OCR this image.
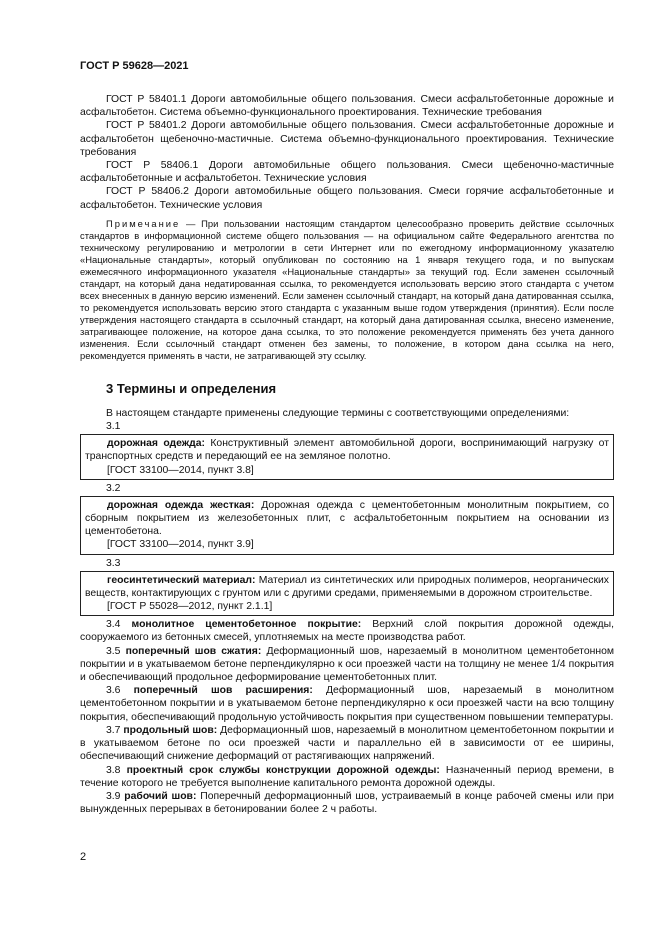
ГОСТ Р 59628—2021

ГОСТ Р 58401.1 Дороги автомобильные общего пользования. Смеси асфальтобетонные дорожные и асфальтобетон. Система объемно-функционального проектирования. Технические требования

ГОСТ Р 58401.2 Дороги автомобильные общего пользования. Смеси асфальтобетонные дорожные и асфальтобетон щебеночно-мастичные. Система объемно-функционального проектирования. Технические требования

ГОСТ Р 58406.1 Дороги автомобильные общего пользования. Смеси щебеночно-мастичные асфальтобетонные и асфальтобетон. Технические условия

ГОСТ Р 58406.2 Дороги автомобильные общего пользования. Смеси горячие асфальтобетонные и асфальтобетон. Технические условия

Примечание — При пользовании настоящим стандартом целесообразно проверить действие ссылочных стандартов в информационной системе общего пользования — на официальном сайте Федерального агентства по техническому регулированию и метрологии в сети Интернет или по ежегодному информационному указателю «Национальные стандарты», который опубликован по состоянию на 1 января текущего года, и по выпускам ежемесячного информационного указателя «Национальные стандарты» за текущий год. Если заменен ссылочный стандарт, на который дана недатированная ссылка, то рекомендуется использовать версию этого стандарта с учетом всех внесенных в данную версию изменений. Если заменен ссылочный стандарт, на который дана датированная ссылка, то рекомендуется использовать версию этого стандарта с указанным выше годом утверждения (принятия). Если после утверждения настоящего стандарта в ссылочный стандарт, на который дана датированная ссылка, внесено изменение, затрагивающее положение, на которое дана ссылка, то это положение рекомендуется применять без учета данного изменения. Если ссылочный стандарт отменен без замены, то положение, в котором дана ссылка на него, рекомендуется применять в части, не затрагивающей эту ссылку.

3 Термины и определения

В настоящем стандарте применены следующие термины с соответствующими определениями:

3.1

дорожная одежда: Конструктивный элемент автомобильной дороги, воспринимающий нагрузку от транспортных средств и передающий ее на земляное полотно.

[ГОСТ 33100—2014, пункт 3.8]

3.2

дорожная одежда жесткая: Дорожная одежда с цементобетонным монолитным покрытием, со сборным покрытием из железобетонных плит, с асфальтобетонным покрытием на основании из цементобетона.

[ГОСТ 33100—2014, пункт 3.9]

3.3

геосинтетический материал: Материал из синтетических или природных полимеров, неорганических веществ, контактирующих с грунтом или с другими средами, применяемыми в дорожном строительстве.

[ГОСТ Р 55028—2012, пункт 2.1.1]

3.4 монолитное цементобетонное покрытие: Верхний слой покрытия дорожной одежды, сооружаемого из бетонных смесей, уплотняемых на месте производства работ.

3.5 поперечный шов сжатия: Деформационный шов, нарезаемый в монолитном цементобетонном покрытии и в укатываемом бетоне перпендикулярно к оси проезжей части на толщину не менее 1/4 покрытия и обеспечивающий продольное деформирование цементобетонных плит.

3.6 поперечный шов расширения: Деформационный шов, нарезаемый в монолитном цементобетонном покрытии и в укатываемом бетоне перпендикулярно к оси проезжей части на всю толщину покрытия, обеспечивающий продольную устойчивость покрытия при существенном повышении температуры.

3.7 продольный шов: Деформационный шов, нарезаемый в монолитном цементобетонном покрытии и в укатываемом бетоне по оси проезжей части и параллельно ей в зависимости от ее ширины, обеспечивающий снижение деформаций от растягивающих напряжений.

3.8 проектный срок службы конструкции дорожной одежды: Назначенный период времени, в течение которого не требуется выполнение капитального ремонта дорожной одежды.

3.9 рабочий шов: Поперечный деформационный шов, устраиваемый в конце рабочей смены или при вынужденных перерывах в бетонировании более 2 ч работы.

2
